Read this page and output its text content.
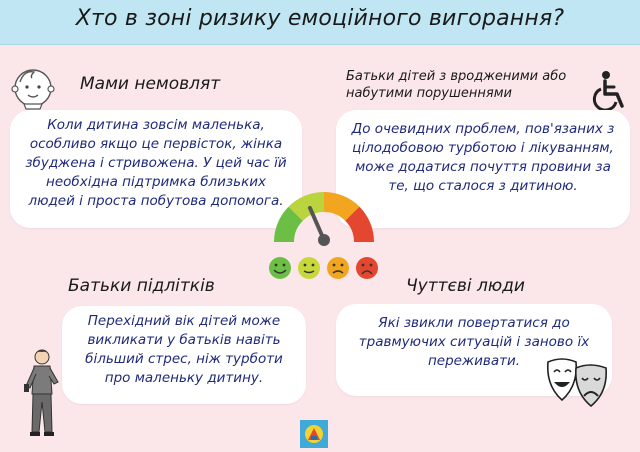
Хто в зоні ризику емоційного вигорання?
Мами немовлят
Коли дитина зовсім маленька, особливо якщо це первісток, жінка збуджена і стривожена. У цей час їй необхідна підтримка близьких людей і проста побутова допомога.
Батьки дітей з вродженими або набутими порушеннями
До очевидних проблем, пов'язаних з цілодобовою турботою і лікуванням, може додатися почуття провини за те, що сталося з дитиною.
Батьки підлітків
Перехідний вік дітей може викликати у батьків навіть більший стрес, ніж турботи про маленьку дитину.
Чуттєві люди
Які звикли повертатися до травмуючих ситуацій і заново їх переживати.
